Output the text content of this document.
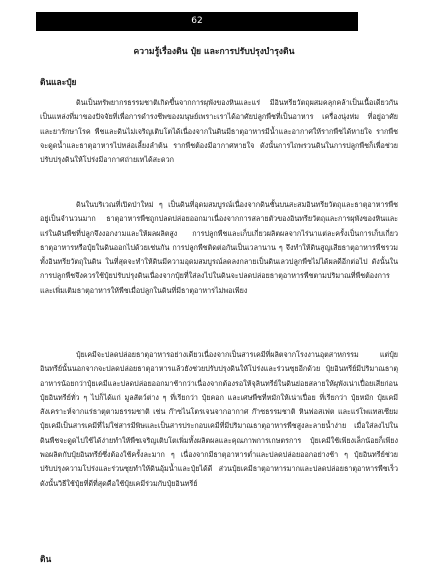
62
ความรู้เรื่องดิน ปุ๋ย และการปรับปรุงบำรุงดิน
ดินและปุ๋ย
ดินเป็นทรัพยากรธรรมชาติเกิดขึ้นจากการผุพังของหินและแร่ มีอินทรียวัตถุผสมคลุกคล้าเป็นเนื้อเดียวกันเป็นแหล่งที่มาของปัจจัยที่เพื่อการดำรงชีพของมนุษย์เพราะเราได้อาศัยปลูกพืชที่เป็นอาหาร เครื่องนุ่งห่ม ที่อยู่อาศัย และยารักษาโรค พืชและดินไม่เจริญเติบโตได้เนื่องจากในดินมีธาตุอาหารมีน้ำและอากาศให้รากพืชได้หายใจ รากพืชจะดูดน้ำและธาตุอาหารไปหล่อเลี้ยงลำต้น รากพืชต้องมีอากาศหายใจ ดังนั้นการไถพรวนดินในการปลูกพืชก็เพื่อช่วยปรับปรุงดินให้โปร่งมีอากาศถ่ายเทได้สะดวก
ดินในบริเวณที่เปิดป่าใหม่ ๆ เป็นดินที่อุดมสมบูรณ์เนื่องจากดินชั้นบนสะสมอินทรียวัตถุและธาตุอาหารพืชอยู่เป็นจำนวนมาก ธาตุอาหารพืชถูกปลดปล่อยออกมาเนื่องจากการสลายตัวของอินทรียวัตถุและการผุพังของหินและแร่ในดินพืชที่ปลูกจึงงอกงามและให้ผลผลิตสูง การปลูกพืชและเก็บเกี่ยวผลิตผลจากไร่นาแต่ละครั้งเป็นการเก็บเกี่ยวธาตุอาหารหรือปุ๋ยในดินออกไปด้วยเช่นกัน การปลูกพืชติดต่อกันเป็นเวลานาน ๆ จึงทำให้ดินสูญเสียธาตุอาหารพืชรวมทั้งอินทรียวัตถุในดิน ในที่สุดจะทำให้ดินมีความอุดมสมบูรณ์ลดลงกลายเป็นดินเลวปลูกพืชไม่ได้ผลดีอีกต่อไป ดังนั้นในการปลูกพืชจึงควรใช้ปุ๋ยปรับปรุงดินเนื่องจากปุ๋ยที่ใส่ลงไปในดินจะปลดปล่อยธาตุอาหารพืชตามปริมาณที่พืชต้องการและเพิ่มเติมธาตุอาหารให้พืชเมื่อปลูกในดินที่มีธาตุอาหารไม่พอเพียง
ปุ๋ยเคมีจะปลดปล่อยธาตุอาหารอย่างเดียวเนื่องจากเป็นสารเคมีที่ผลิตจากโรงงานอุตสาหกรรม แต่ปุ๋ยอินทรีย์นั้นนอกจากจะปลดปล่อยธาตุอาหารแล้วยังช่วยปรับปรุงดินให้โปร่งและร่วนซุยอีกด้วย ปุ๋ยอินทรีย์มีปริมาณธาตุอาหารน้อยกว่าปุ๋ยเคมีและปลดปล่อยออกมาช้ากว่าเนื่องจากต้องรอให้จุลินทรีย์ในดินย่อยสลายให้ผุพังเน่าเปื่อยเสียก่อน ปุ๋ยอินทรีย์ทั่ว ๆ ไปก็ได้แก่ มูลสัตว์ต่าง ๆ ที่เรียกว่า ปุ๋ยคอก และเศษพืชที่หมักให้เน่าเปื่อย ที่เรียกว่า ปุ๋ยหมัก ปุ๋ยเคมีสังเคราะห์จากแร่ธาตุตามธรรมชาติ เช่น ก๊าซไนโตรเจนจากอากาศ ก๊าซธรรมชาติ หินฟอสเฟต และแร่โพแทสเซียม ปุ๋ยเคมีเป็นสารเคมีที่ไม่ใช่สารมีพิษและเป็นสารประกอบเคมีที่มีปริมาณธาตุอาหารพืชสูงละลายน้ำง่าย เมื่อใส่ลงไปในดินพืชจะดูดไปใช้ได้ง่ายทำให้พืชเจริญเติบโตเพิ่มทั้งผลิตผลและคุณภาพการเกษตรการ ปุ๋ยเคมีใช้เพียงเล็กน้อยก็เพียงพอผลิตกับปุ๋ยอินทรีย์ซึ่งต้องใช้ครั้งละมาก ๆ เนื่องจากมีธาตุอาหารต่ำและปลดปล่อยออกอย่างช้า ๆ ปุ๋ยอินทรีย์ช่วยปรับปรุงความโปร่งและร่วนซุยทำให้ดินอุ้มน้ำและปุ๋ยได้ดี ส่วนปุ๋ยเคมีธาตุอาหารมากและปลดปล่อยธาตุอาหารพืชเร็ว ดังนั้นวิธีใช้ปุ๋ยที่ดีที่สุดคือใช้ปุ๋ยเคมีร่วมกับปุ๋ยอินทรีย์
ดิน
